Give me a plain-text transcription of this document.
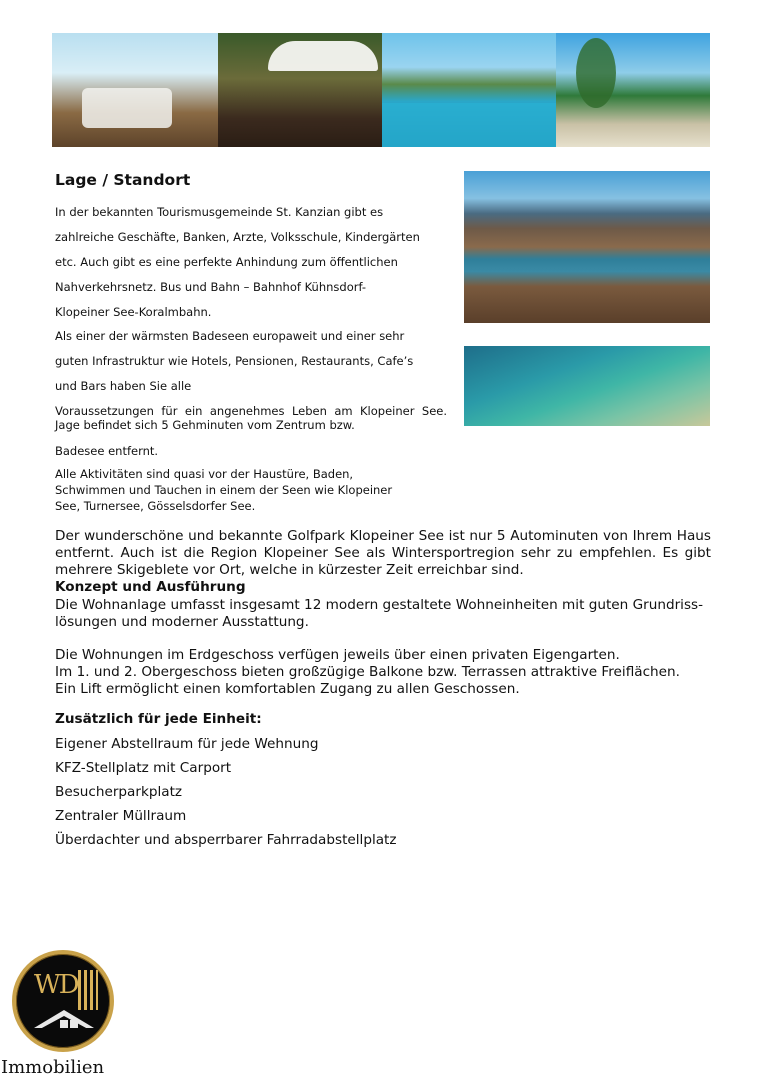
Lage / Standort

In der bekannten Tourismusgemeinde St. Kanzian gibt es

zahlreiche Geschäfte, Banken, Arzte, Volksschule, Kindergärten

etc. Auch gibt es eine perfekte Anhindung zum öffentlichen

Nahverkehrsnetz. Bus und Bahn – Bahnhof Kühnsdorf-

Klopeiner See-Koralmbahn.

Als einer der wärmsten Badeseen europaweit und einer sehr

guten Infrastruktur wie Hotels, Pensionen, Restaurants, Cafe’s

und Bars haben Sie alle

Voraussetzungen für ein angenehmes Leben am Klopeiner See.

Jage befindet sich 5 Gehminuten vom Zentrum bzw.

Badesee entfernt.

Alle Aktivitäten sind quasi vor der Haustüre, Baden,

Schwimmen und Tauchen in einem der Seen wie Klopeiner

See, Turnersee, Gösselsdorfer See.

Der wunderschöne und bekannte Golfpark Klopeiner See ist nur 5 Autominuten von Ihrem Haus
entfernt. Auch ist die Region Klopeiner See als Wintersportregion sehr zu empfehlen. Es gibt
mehrere Skigeblete vor Ort, welche in kürzester Zeit erreichbar sind.
Konzept und Ausführung
Die Wohnanlage umfasst insgesamt 12 modern gestaltete Wohneinheiten mit guten Grundriss-
lösungen und moderner Ausstattung.
Die Wohnungen im Erdgeschoss verfügen jeweils über einen privaten Eigengarten.
Im 1. und 2. Obergeschoss bieten großzügige Balkone bzw. Terrassen attraktive Freiflächen.
Ein Lift ermöglicht einen komfortablen Zugang zu allen Geschossen.
Zusätzlich für jede Einheit:
Eigener Abstellraum für jede Wehnung
KFZ-Stellplatz mit Carport
Besucherparkplatz
Zentraler Müllraum
Überdachter und absperrbarer Fahrradabstellplatz
WD
Immobilien
